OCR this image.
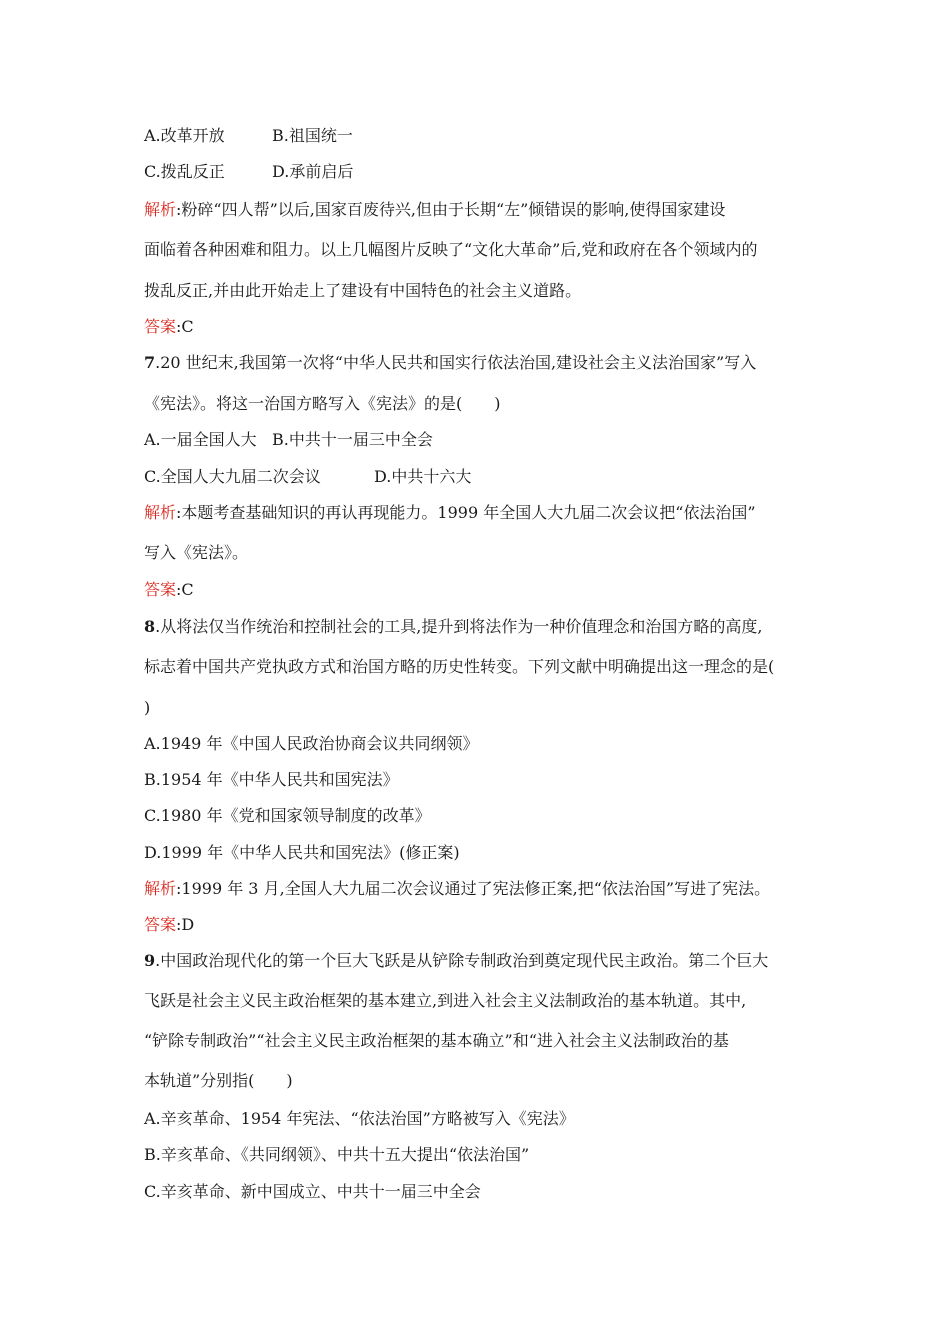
A.改革开放	B.祖国统一
C.拨乱反正	D.承前启后
解析:粉碎“四人帮”以后,国家百废待兴,但由于长期“左”倾错误的影响,使得国家建设
面临着各种困难和阻力。以上几幅图片反映了“文化大革命”后,党和政府在各个领域内的
拨乱反正,并由此开始走上了建设有中国特色的社会主义道路。
答案:C
7.20 世纪末,我国第一次将“中华人民共和国实行依法治国,建设社会主义法治国家”写入
《宪法》。将这一治国方略写入《宪法》的是(　　)
A.一届全国人大 B.中共十一届三中全会
C.全国人大九届二次会议	D.中共十六大
解析:本题考查基础知识的再认再现能力。1999 年全国人大九届二次会议把“依法治国”
写入《宪法》。
答案:C
8.从将法仅当作统治和控制社会的工具,提升到将法作为一种价值理念和治国方略的高度,
标志着中国共产党执政方式和治国方略的历史性转变。下列文献中明确提出这一理念的是(
)
A.1949 年《中国人民政治协商会议共同纲领》
B.1954 年《中华人民共和国宪法》
C.1980 年《党和国家领导制度的改革》
D.1999 年《中华人民共和国宪法》(修正案)
解析:1999 年 3 月,全国人大九届二次会议通过了宪法修正案,把“依法治国”写进了宪法。
答案:D
9.中国政治现代化的第一个巨大飞跃是从铲除专制政治到奠定现代民主政治。第二个巨大
飞跃是社会主义民主政治框架的基本建立,到进入社会主义法制政治的基本轨道。其中,
“铲除专制政治”“社会主义民主政治框架的基本确立”和“进入社会主义法制政治的基
本轨道”分别指(　　)
A.辛亥革命、1954 年宪法、“依法治国”方略被写入《宪法》
B.辛亥革命、《共同纲领》、中共十五大提出“依法治国”
C.辛亥革命、新中国成立、中共十一届三中全会
